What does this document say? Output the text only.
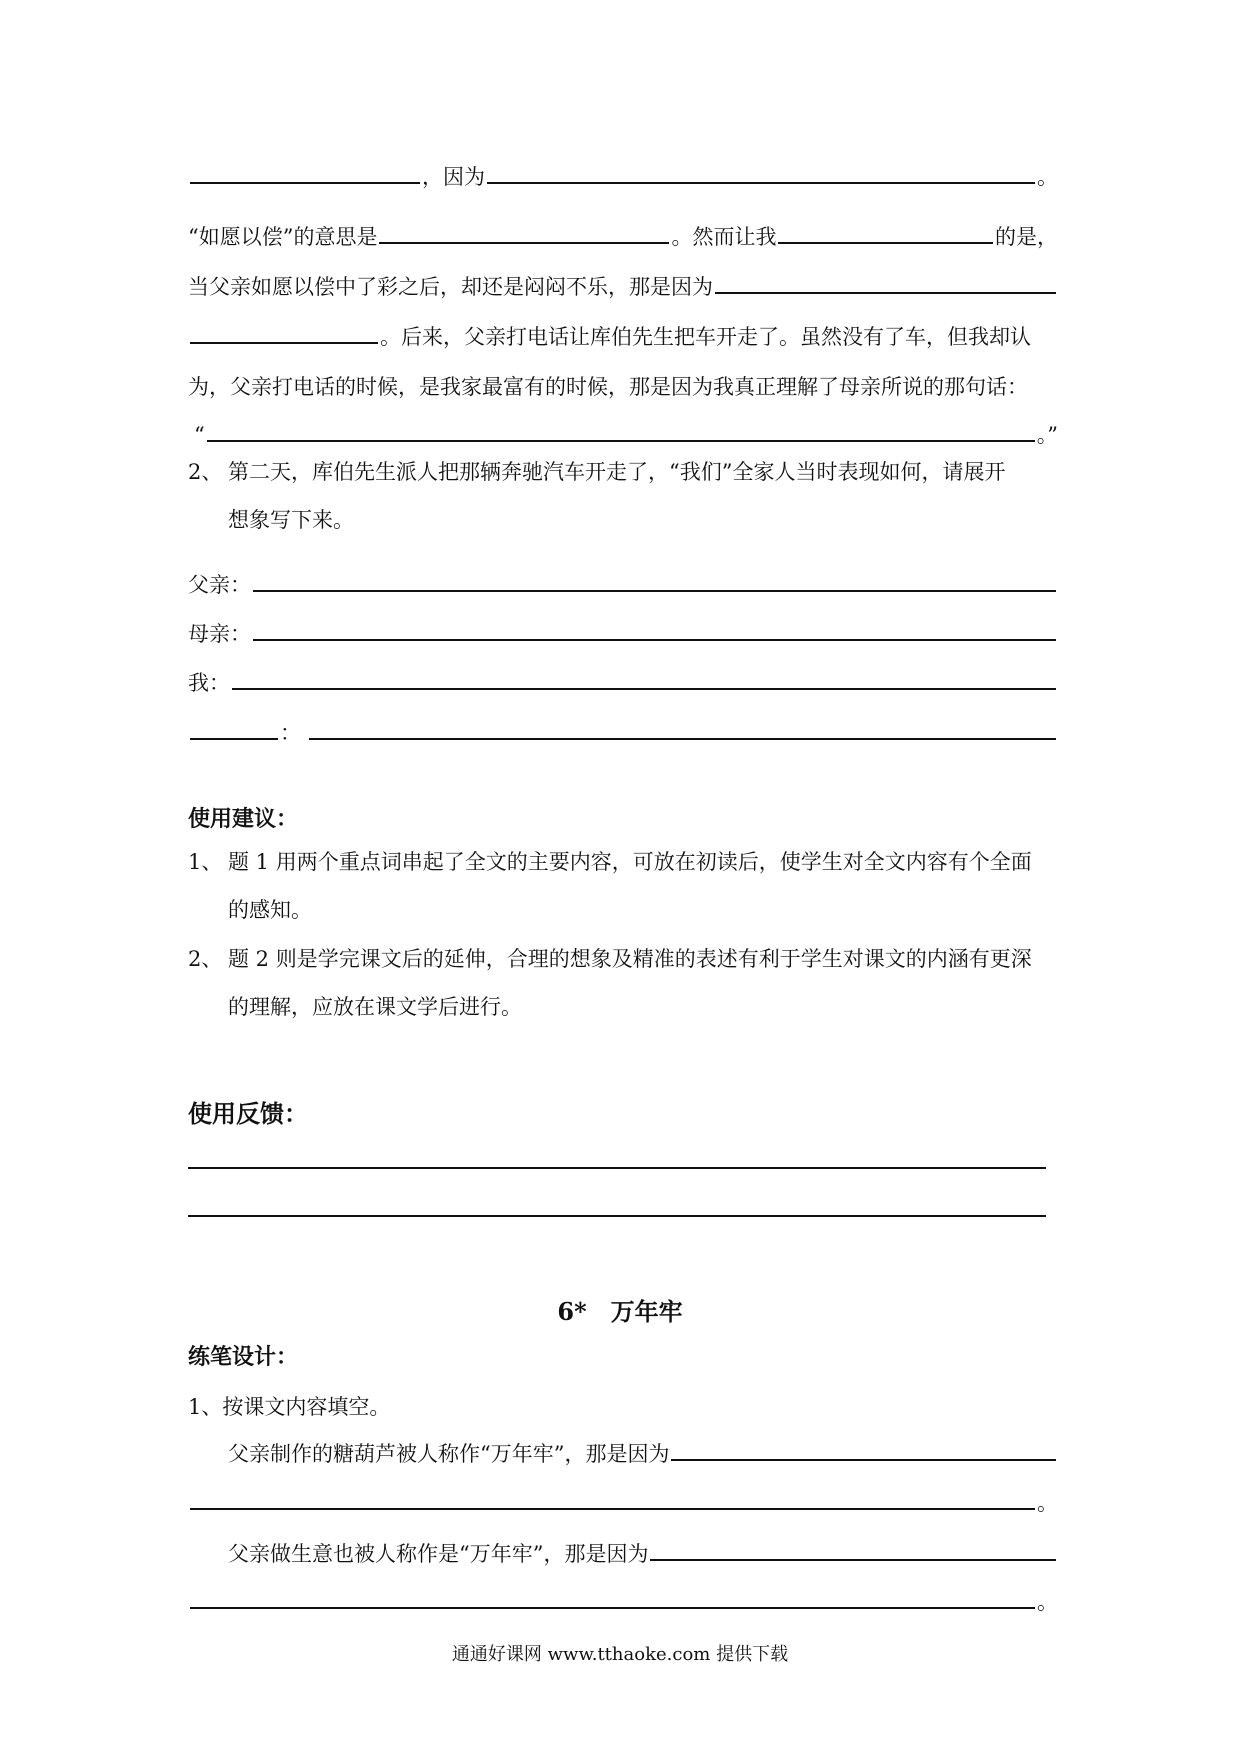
，因为	。
“如愿以偿”的意思是	。然而让我	的是，
当父亲如愿以偿中了彩之后，却还是闷闷不乐，那是因为
。后来，父亲打电话让库伯先生把车开走了。虽然没有了车，但我却认
为，父亲打电话的时候，是我家最富有的时候，那是因为我真正理解了母亲所说的那句话：
“	。”
2、 第二天，库伯先生派人把那辆奔驰汽车开走了，“我们”全家人当时表现如何，请展开
想象写下来。
父亲：
母亲：
我：
：
使用建议：
1、 题 1 用两个重点词串起了全文的主要内容，可放在初读后，使学生对全文内容有个全面
的感知。
2、 题 2 则是学完课文后的延伸，合理的想象及精准的表述有利于学生对课文的内涵有更深
的理解，应放在课文学后进行。
使用反馈：
6*　万年牢
练笔设计：
1、按课文内容填空。
父亲制作的糖葫芦被人称作“万年牢”，那是因为
。
父亲做生意也被人称作是“万年牢”，那是因为
。
通通好课网 www.tthaoke.com 提供下载
